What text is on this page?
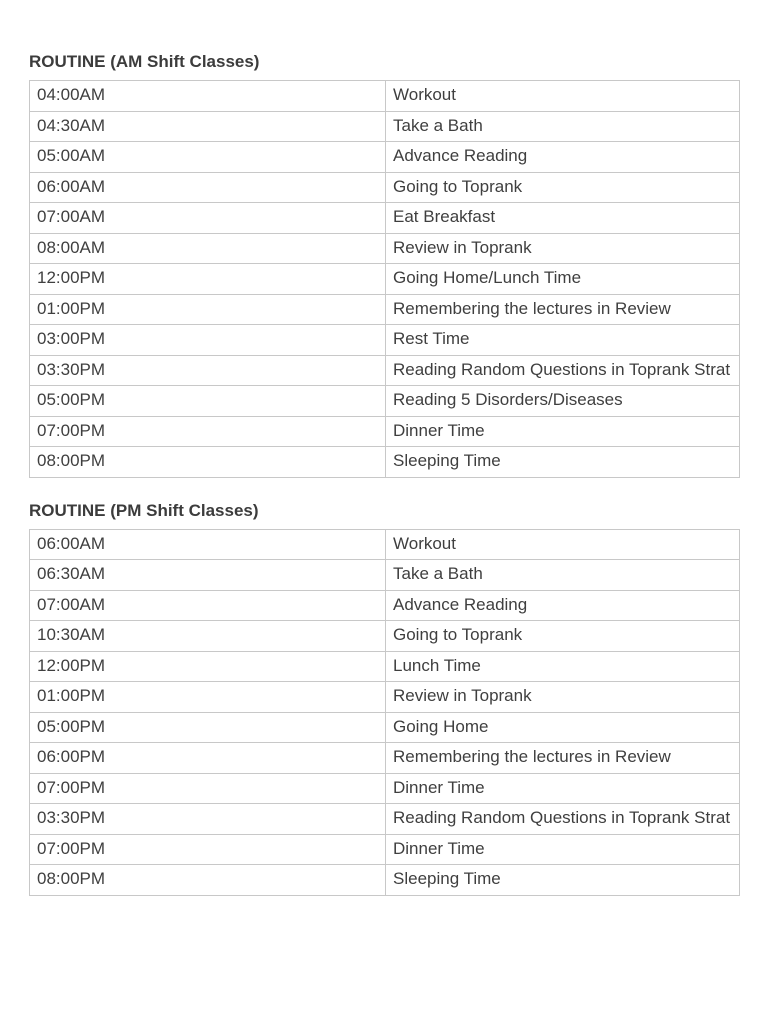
ROUTINE (AM Shift Classes)
04:00AM	Workout
04:30AM	Take a Bath
05:00AM	Advance Reading
06:00AM	Going to Toprank
07:00AM	Eat Breakfast
08:00AM	Review in Toprank
12:00PM	Going Home/Lunch Time
01:00PM	Remembering the lectures in Review
03:00PM	Rest Time
03:30PM	Reading Random Questions in Toprank Strat
05:00PM	Reading 5 Disorders/Diseases
07:00PM	Dinner Time
08:00PM	Sleeping Time
ROUTINE (PM Shift Classes)
06:00AM	Workout
06:30AM	Take a Bath
07:00AM	Advance Reading
10:30AM	Going to Toprank
12:00PM	Lunch Time
01:00PM	Review in Toprank
05:00PM	Going Home
06:00PM	Remembering the lectures in Review
07:00PM	Dinner Time
03:30PM	Reading Random Questions in Toprank Strat
07:00PM	Dinner Time
08:00PM	Sleeping Time
